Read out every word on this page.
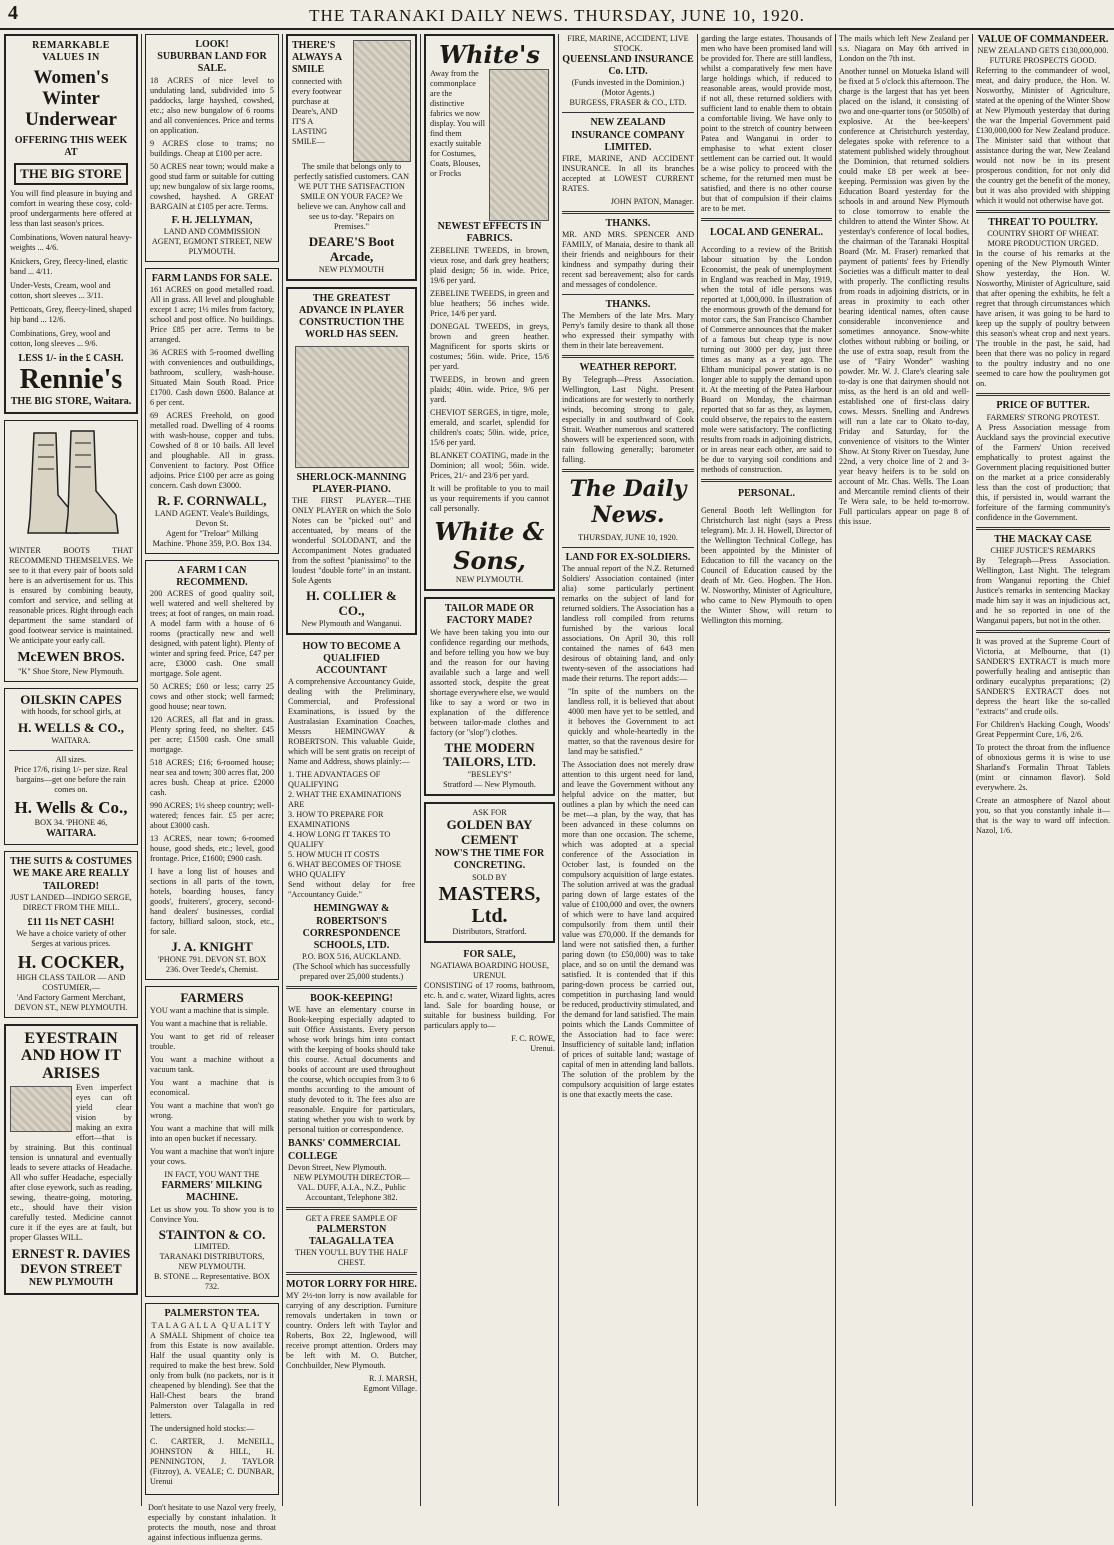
4	THE TARANAKI DAILY NEWS. THURSDAY, JUNE 10, 1920.
REMARKABLE VALUES IN
Women's Winter Underwear
OFFERING THIS WEEK AT
THE BIG STORE
You will find pleasure in buying and comfort in wearing these cosy, cold-proof undergarments here offered at less than last season's prices.
Combinations, Woven natural heavy-weights ... 4/6.
Knickers, Grey, fleecy-lined, elastic band ... 4/11.
Under-Vests, Cream, wool and cotton, short sleeves ... 3/11.
Petticoats, Grey, fleecy-lined, shaped hip band ... 12/6.
Combinations, Grey, wool and cotton, long sleeves ... 9/6.
LESS 1/- in the £ CASH.
Rennie's
THE BIG STORE, Waitara.
WINTER BOOTS THAT RECOMMEND THEMSELVES. We see to it that every pair of boots sold here is an advertisement for us. This is ensured by combining beauty, comfort and service, and selling at reasonable prices. Right through each department the same standard of good footwear service is maintained. We anticipate your early call.
McEWEN BROS.
"K" Shoe Store, New Plymouth.
OILSKIN CAPES
with hoods, for school girls, at
H. WELLS & CO.,
WAITARA.
All sizes.
Price 17/6, rising 1/- per size. Real bargains—get one before the rain comes on.
H. Wells & Co.,
BOX 34. 'PHONE 46,
WAITARA.
THE SUITS & COSTUMES WE MAKE ARE REALLY TAILORED!
JUST LANDED—INDIGO SERGE, DIRECT FROM THE MILL.
£11 11s NET CASH!
We have a choice variety of other Serges at various prices.
H. COCKER,
HIGH CLASS TAILOR — AND COSTUMIER,—
'And Factory Garment Merchant, DEVON ST., NEW PLYMOUTH.
EYESTRAIN AND HOW IT ARISES
Even imperfect eyes can oft yield clear vision by making an extra effort—that is by straining. But this continual tension is unnatural and eventually leads to severe attacks of Headache. All who suffer Headache, especially after close eyework, such as reading, sewing, theatre-going, motoring, etc., should have their vision carefully tested. Medicine cannot cure it if the eyes are at fault, but proper Glasses WILL.
ERNEST R. DAVIES
DEVON STREET
NEW PLYMOUTH
LOOK!
SUBURBAN LAND FOR SALE.
18 ACRES of nice level to undulating land, subdivided into 5 paddocks, large hayshed, cowshed, etc.; also new bungalow of 6 rooms and all conveniences. Price and terms on application.
9 ACRES close to trams; no buildings. Cheap at £100 per acre.
50 ACRES near town; would make a good stud farm or suitable for cutting up; new bungalow of six large rooms, cowshed, hayshed. A GREAT BARGAIN at £105 per acre. Terms.
F. H. JELLYMAN,
LAND AND COMMISSION AGENT, EGMONT STREET, NEW PLYMOUTH.
FARM LANDS FOR SALE.
161 ACRES on good metalled road. All in grass. All level and ploughable except 1 acre; 1½ miles from factory, school and post office. No buildings. Price £85 per acre. Terms to be arranged.
36 ACRES with 5-roomed dwelling with conveniences and outbuildings, bathroom, scullery, wash-house. Situated Main South Road. Price £1700. Cash down £600. Balance at 6 per cent.
69 ACRES Freehold, on good metalled road. Dwelling of 4 rooms with wash-house, copper and tubs. Cowshed of 8 or 10 bails. All level and ploughable. All in grass. Convenient to factory. Post Office adjoins. Price £100 per acre as going concern. Cash down £3000.
R. F. CORNWALL,
LAND AGENT. Veale's Buildings, Devon St.
Agent for "Treloar" Milking Machine. 'Phone 359, P.O. Box 134.
A FARM I CAN RECOMMEND.
200 ACRES of good quality soil, well watered and well sheltered by trees; at foot of ranges, on main road. A model farm with a house of 6 rooms (practically new and well designed, with patent light). Plenty of winter and spring feed. Price, £47 per acre, £3000 cash. One small mortgage. Sole agent.
50 ACRES; £60 or less; carry 25 cows and other stock; well farmed; good house; near town.
120 ACRES, all flat and in grass. Plenty spring feed, no shelter. £45 per acre; £1500 cash. One small mortgage.
518 ACRES; £16; 6-roomed house; near sea and town; 300 acres flat, 200 acres bush. Cheap at price. £2000 cash.
990 ACRES; 1½ sheep country; well-watered; fences fair. £5 per acre; about £3000 cash.
13 ACRES, near town; 6-roomed house, good sheds, etc.; level, good frontage. Price, £1600; £900 cash.
I have a long list of houses and sections in all parts of the town, hotels, boarding houses, fancy goods', fruiterers', grocery, second-hand dealers' businesses, cordial factory, billiard saloon, stock, etc., for sale.
J. A. KNIGHT
'PHONE 791. DEVON ST. BOX 236. Over Teede's, Chemist.
FARMERS
YOU want a machine that is simple.
You want a machine that is reliable.
You want to get rid of releaser trouble.
You want a machine without a vacuum tank.
You want a machine that is economical.
You want a machine that won't go wrong.
You want a machine that will milk into an open bucket if necessary.
You want a machine that won't injure your cows.
IN FACT, YOU WANT THE
FARMERS' MILKING MACHINE.
Let us show you. To show you is to Convince You.
STAINTON & CO.
LIMITED.
TARANAKI DISTRIBUTORS, NEW PLYMOUTH.
B. STONE ... Representative. BOX 732.
PALMERSTON TEA.
TALAGALLA QUALITY
A SMALL Shipment of choice tea from this Estate is now available. Half the usual quantity only is required to make the best brew. Sold only from bulk (no packets, nor is it cheapened by blending). See that the Hall-Chest bears the brand Palmerston over Talagalla in red letters.
The undersigned hold stocks:—
C. CARTER, J. McNEILL, JOHNSTON & HILL, H. PENNINGTON, J. TAYLOR (Fitzroy), A. VEALE; C. DUNBAR, Urenui
Don't hesitate to use Nazol very freely, especially by constant inhalation. It protects the mouth, nose and throat against infectious influenza germs.
THERE'S ALWAYS A SMILE
connected with every footwear purchase at Deare's, AND IT'S A LASTING SMILE—
The smile that belongs only to perfectly satisfied customers. CAN WE PUT THE SATISFACTION SMILE ON YOUR FACE? We believe we can. Anyhow call and see us to-day. "Repairs on Premises."
DEARE'S Boot Arcade,
NEW PLYMOUTH
THE GREATEST ADVANCE IN PLAYER CONSTRUCTION THE WORLD HAS SEEN.
SHERLOCK-MANNING PLAYER-PIANO.
THE FIRST PLAYER—THE ONLY PLAYER on which the Solo Notes can be "picked out" and accentuated, by means of the wonderful SOLODANT, and the Accompaniment Notes graduated from the softest "pianissimo" to the loudest "double forte" in an instant. Sole Agents
H. COLLIER & CO.,
New Plymouth and Wanganui.
HOW TO BECOME A QUALIFIED ACCOUNTANT
A comprehensive Accountancy Guide, dealing with the Preliminary, Commercial, and Professional Examinations, is issued by the Australasian Examination Coaches, Messrs HEMINGWAY & ROBERTSON. This valuable Guide, which will be sent gratis on receipt of Name and Address, shows plainly:—
1. THE ADVANTAGES OF QUALIFYING
2. WHAT THE EXAMINATIONS ARE
3. HOW TO PREPARE FOR EXAMINATIONS
4. HOW LONG IT TAKES TO QUALIFY
5. HOW MUCH IT COSTS
6. WHAT BECOMES OF THOSE WHO QUALIFY
Send without delay for free "Accountancy Guide."
HEMINGWAY & ROBERTSON'S CORRESPONDENCE SCHOOLS, LTD.
P.O. BOX 516, AUCKLAND.
(The School which has successfully prepared over 25,000 students.)
BOOK-KEEPING!
WE have an elementary course in Book-keeping especially adapted to suit Office Assistants. Every person whose work brings him into contact with the keeping of books should take this course. Actual documents and books of account are used throughout the course, which occupies from 3 to 6 months according to the amount of study devoted to it. The fees also are reasonable. Enquire for particulars, stating whether you wish to work by personal tuition or correspondence.
BANKS' COMMERCIAL COLLEGE
Devon Street, New Plymouth.
NEW PLYMOUTH DIRECTOR— VAL. DUFF, A.I.A., N.Z., Public Accountant, Telephone 382.
GET A FREE SAMPLE OF
PALMERSTON TALAGALLA TEA
THEN YOU'LL BUY THE HALF CHEST.
MOTOR LORRY FOR HIRE.
MY 2½-ton lorry is now available for carrying of any description. Furniture removals undertaken in town or country. Orders left with Taylor and Roberts, Box 22, Inglewood, will receive prompt attention. Orders may be left with M. O. Butcher, Conchbuilder, New Plymouth.
R. J. MARSH,
Egmont Village.
White's
Away from the commonplace are the distinctive fabrics we now display. You will find them exactly suitable for Costumes, Coats, Blouses, or Frocks
NEWEST EFFECTS IN FABRICS.
ZEBELINE TWEEDS, in brown, vieux rose, and dark grey heathers; plaid design; 56 in. wide. Price, 19/6 per yard.
ZEBELINE TWEEDS, in green and blue heathers; 56 inches wide. Price, 14/6 per yard.
DONEGAL TWEEDS, in greys, brown and green heather. Magnificent for sports skirts or costumes; 56in. wide. Price, 15/6 per yard.
TWEEDS, in brown and green plaids; 40in. wide. Price, 9/6 per yard.
CHEVIOT SERGES, in tigre, mole, emerald, and scarlet, splendid for children's coats; 50in. wide, price, 15/6 per yard.
BLANKET COATING, made in the Dominion; all wool; 56in. wide. Prices, 21/- and 23/6 per yard.
It will be profitable to you to mail us your requirements if you cannot call personally.
White & Sons,
NEW PLYMOUTH.
TAILOR MADE OR FACTORY MADE?
We have been taking you into our confidence regarding our methods, and before telling you how we buy and the reason for our having available such a large and well assorted stock, despite the great shortage everywhere else, we would like to say a word or two in explanation of the difference between tailor-made clothes and factory (or "slop") clothes.
THE MODERN TAILORS, LTD.
"BESLEY'S"
Stratford — New Plymouth.
ASK FOR
GOLDEN BAY CEMENT
NOW'S THE TIME FOR CONCRETING.
SOLD BY
MASTERS, Ltd.
Distributors, Stratford.
FOR SALE,
NGATIAWA BOARDING HOUSE, URENUI.
CONSISTING of 17 rooms, bathroom, etc. h. and c. water, Wizard lights, acres land. Sale for boarding house, or suitable for business building. For particulars apply to—
F. C. ROWE,
Urenui.
FIRE, MARINE, ACCIDENT, LIVE STOCK.
QUEENSLAND INSURANCE Co. LTD.
(Funds invested in the Dominion.) (Motor Agents.)
BURGESS, FRASER & CO., LTD.
NEW ZEALAND INSURANCE COMPANY LIMITED.
FIRE, MARINE, AND ACCIDENT INSURANCE. In all its branches accepted at LOWEST CURRENT RATES.
JOHN PATON, Manager.
THANKS.
MR. AND MRS. SPENCER AND FAMILY, of Manaia, desire to thank all their friends and neighbours for their kindness and sympathy during their recent sad bereavement; also for cards and messages of condolence.
THANKS.
The Members of the late Mrs. Mary Perry's family desire to thank all those who expressed their sympathy with them in their late bereavement.
WEATHER REPORT.
By Telegraph—Press Association. Wellington, Last Night. Present indications are for westerly to northerly winds, becoming strong to gale, especially in and southward of Cook Strait. Weather numerous and scattered showers will be experienced soon, with rain following generally; barometer falling.
The Daily News.
THURSDAY, JUNE 10, 1920.
LAND FOR EX-SOLDIERS.
The annual report of the N.Z. Returned Soldiers' Association contained (inter alia) some particularly pertinent remarks on the subject of land for returned soldiers. The Association has a landless roll compiled from returns furnished by the various local associations. On April 30, this roll contained the names of 643 men desirous of obtaining land, and only twenty-seven of the associations had made their returns. The report adds:—
"In spite of the numbers on the landless roll, it is believed that about 4000 men have yet to be settled, and it behoves the Government to act quickly and whole-heartedly in the matter, so that the ravenous desire for land may be satisfied."
The Association does not merely draw attention to this urgent need for land, and leave the Government without any helpful advice on the matter, but outlines a plan by which the need can be met—a plan, by the way, that has been advanced in these columns on more than one occasion. The scheme, which was adopted at a special conference of the Association in October last, is founded on the compulsory acquisition of large estates. The solution arrived at was the gradual paring down of large estates of the value of £100,000 and over, the owners of which were to have land acquired compulsorily from them until their value was £70,000. If the demands for land were not satisfied then, a further paring down (to £50,000) was to take place, and so on until the demand was satisfied. It is contended that if this paring-down process be carried out, competition in purchasing land would be reduced, productivity stimulated, and the demand for land satisfied. The main points which the Lands Committee of the Association had to face were: Insufficiency of suitable land; inflation of prices of suitable land; wastage of capital of men in attending land ballots. The solution of the problem by the compulsory acquisition of large estates is one that exactly meets the case.
garding the large estates. Thousands of men who have been promised land will be provided for. There are still landless, whilst a comparatively few men have large holdings which, if reduced to reasonable areas, would provide most, if not all, these returned soldiers with sufficient land to enable them to obtain a comfortable living. We have only to point to the stretch of country between Patea and Wanganui in order to emphasise to what extent closer settlement can be carried out. It would be a wise policy to proceed with the scheme, for the returned men must be satisfied, and there is no other course but that of compulsion if their claims are to be met.
LOCAL AND GENERAL.
According to a review of the British labour situation by the London Economist, the peak of unemployment in England was reached in May, 1919, when the total of idle persons was reported at 1,000,000. In illustration of the enormous growth of the demand for motor cars, the San Francisco Chamber of Commerce announces that the maker of a famous but cheap type is now turning out 3000 per day, just three times as many as a year ago. The Eltham municipal power station is no longer able to supply the demand upon it. At the meeting of the Patea Harbour Board on Monday, the chairman reported that so far as they, as laymen, could observe, the repairs to the eastern mole were satisfactory. The conflicting results from roads in adjoining districts, or in areas near each other, are said to be due to varying soil conditions and methods of construction.
PERSONAL.
General Booth left Wellington for Christchurch last night (says a Press telegram). Mr. J. H. Howell, Director of the Wellington Technical College, has been appointed by the Minister of Education to fill the vacancy on the Council of Education caused by the death of Mr. Geo. Hogben. The Hon. W. Nosworthy, Minister of Agriculture, who came to New Plymouth to open the Winter Show, will return to Wellington this morning.
The mails which left New Zealand per s.s. Niagara on May 6th arrived in London on the 7th inst.
Another tunnel on Motueka Island will be fixed at 5 o'clock this afternoon. The charge is the largest that has yet been placed on the island, it consisting of two and one-quarter tons (or 5050lb) of explosive. At the bee-keepers' conference at Christchurch yesterday, delegates spoke with reference to a statement published widely throughout the Dominion, that returned soldiers could make £8 per week at bee-keeping. Permission was given by the Education Board yesterday for the schools in and around New Plymouth to close tomorrow to enable the children to attend the Winter Show. At yesterday's conference of local bodies, the chairman of the Taranaki Hospital Board (Mr. M. Fraser) remarked that payment of patients' fees by Friendly Societies was a difficult matter to deal with properly. The conflicting results from roads in adjoining districts, or in areas in proximity to each other bearing identical names, often cause considerable inconvenience and sometimes annoyance. Snow-white clothes without rubbing or boiling, or the use of extra soap, result from the use of "Fairy Wonder" washing powder. Mr. W. J. Clare's clearing sale to-day is one that dairymen should not miss, as the herd is an old and well-established one of first-class dairy cows. Messrs. Snelling and Andrews will run a late car to Okato to-day, Friday and Saturday, for the convenience of visitors to the Winter Show. At Stony River on Tuesday, June 22nd, a very choice line of 2 and 3-year heavy heifers is to be sold on account of Mr. Chas. Wells. The Loan and Mercantile remind clients of their Te Wera sale, to be held to-morrow. Full particulars appear on page 8 of this issue.
VALUE OF COMMANDEER.
NEW ZEALAND GETS £130,000,000.
FUTURE PROSPECTS GOOD.
Referring to the commandeer of wool, meat, and dairy produce, the Hon. W. Nosworthy, Minister of Agriculture, stated at the opening of the Winter Show at New Plymouth yesterday that during the war the Imperial Government paid £130,000,000 for New Zealand produce. The Minister said that without that assistance during the war, New Zealand would not now be in its present prosperous condition, for not only did the country get the benefit of the money, but it was also provided with shipping which it would not otherwise have got.
THREAT TO POULTRY.
COUNTRY SHORT OF WHEAT.
MORE PRODUCTION URGED.
In the course of his remarks at the opening of the New Plymouth Winter Show yesterday, the Hon. W. Nosworthy, Minister of Agriculture, said that after opening the exhibits, he felt a regret that through circumstances which have arisen, it was going to be hard to keep up the supply of poultry between this season's wheat crop and next years. The trouble in the past, he said, had been that there was no policy in regard to the poultry industry and no one seemed to care how the poultrymen got on.
PRICE OF BUTTER.
FARMERS' STRONG PROTEST.
A Press Association message from Auckland says the provincial executive of the Farmers' Union received emphatically to protest against the Government placing requisitioned butter on the market at a price considerably less than the cost of production; that this, if persisted in, would warrant the forfeiture of the farming community's confidence in the Government.
THE MACKAY CASE
CHIEF JUSTICE'S REMARKS
By Telegraph—Press Association. Wellington, Last Night. The telegram from Wanganui reporting the Chief Justice's remarks in sentencing Mackay made him say it was an injudicious act, and he so reported in one of the Wanganui papers, but not in the other.
It was proved at the Supreme Court of Victoria, at Melbourne, that (1) SANDER'S EXTRACT is much more powerfully healing and antiseptic than ordinary eucalyptus preparations; (2) SANDER'S EXTRACT does not depress the heart like the so-called "extracts" and crude oils.
For Children's Hacking Cough, Woods' Great Peppermint Cure, 1/6, 2/6.
To protect the throat from the influence of obnoxious germs it is wise to use Sharland's Formalin Throat Tablets (mint or cinnamon flavor). Sold everywhere. 2s.
Create an atmosphere of Nazol about you, so that you constantly inhale it—that is the way to ward off infection. Nazol, 1/6.
